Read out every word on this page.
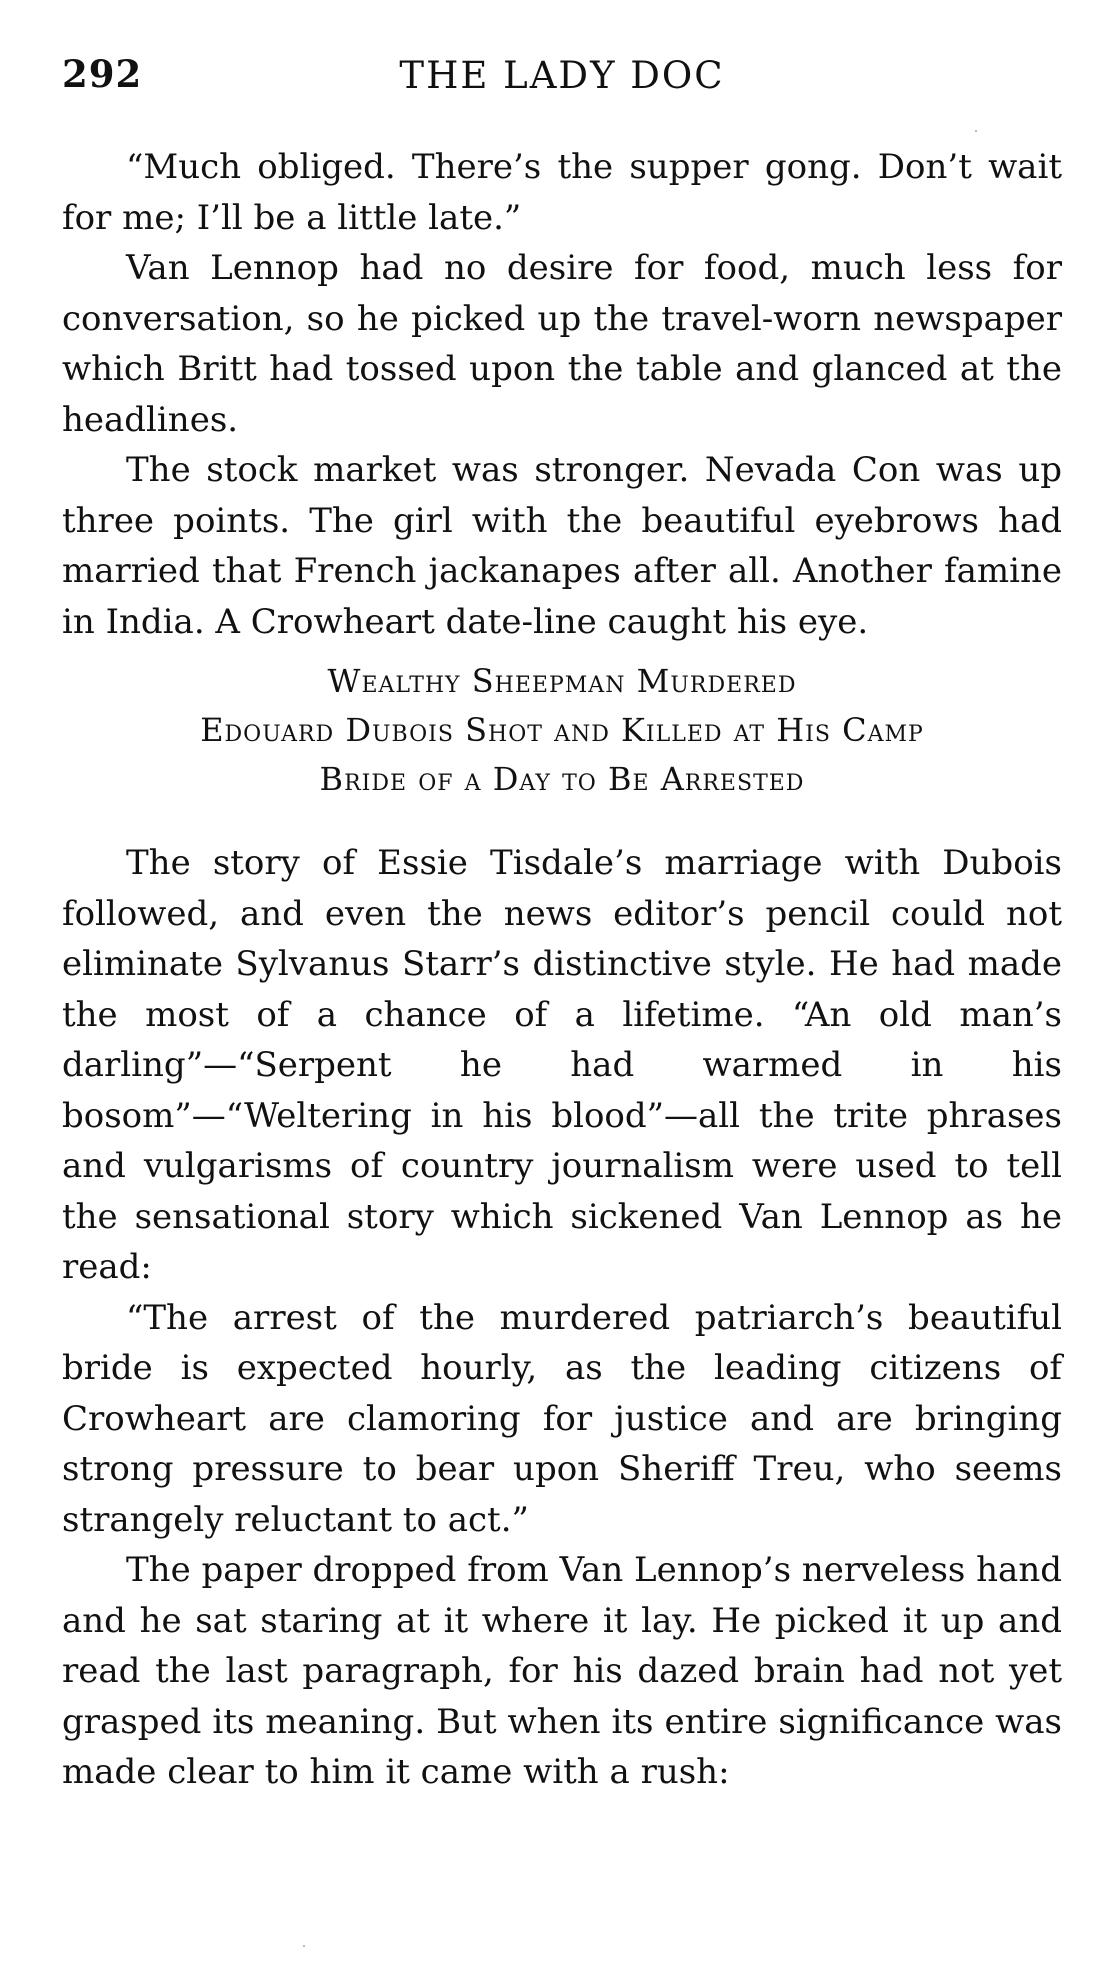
292	THE LADY DOC

“Much obliged. There’s the supper gong. Don’t wait for me; I’ll be a little late.”

Van Lennop had no desire for food, much less for conversation, so he picked up the travel-worn newspaper which Britt had tossed upon the table and glanced at the headlines.

The stock market was stronger. Nevada Con was up three points. The girl with the beautiful eyebrows had married that French jackanapes after all. Another famine in India. A Crowheart date-line caught his eye.

Wealthy Sheepman Murdered
Edouard Dubois Shot and Killed at His Camp
Bride of a Day to Be Arrested

The story of Essie Tisdale’s marriage with Dubois followed, and even the news editor’s pencil could not eliminate Sylvanus Starr’s distinctive style. He had made the most of a chance of a lifetime. “An old man’s darling”—“Serpent he had warmed in his bosom”—“Weltering in his blood”—all the trite phrases and vulgarisms of country journalism were used to tell the sensational story which sickened Van Lennop as he read:

“The arrest of the murdered patriarch’s beautiful bride is expected hourly, as the leading citizens of Crowheart are clamoring for justice and are bringing strong pressure to bear upon Sheriff Treu, who seems strangely reluctant to act.”

The paper dropped from Van Lennop’s nerveless hand and he sat staring at it where it lay. He picked it up and read the last paragraph, for his dazed brain had not yet grasped its meaning. But when its entire significance was made clear to him it came with a rush:
